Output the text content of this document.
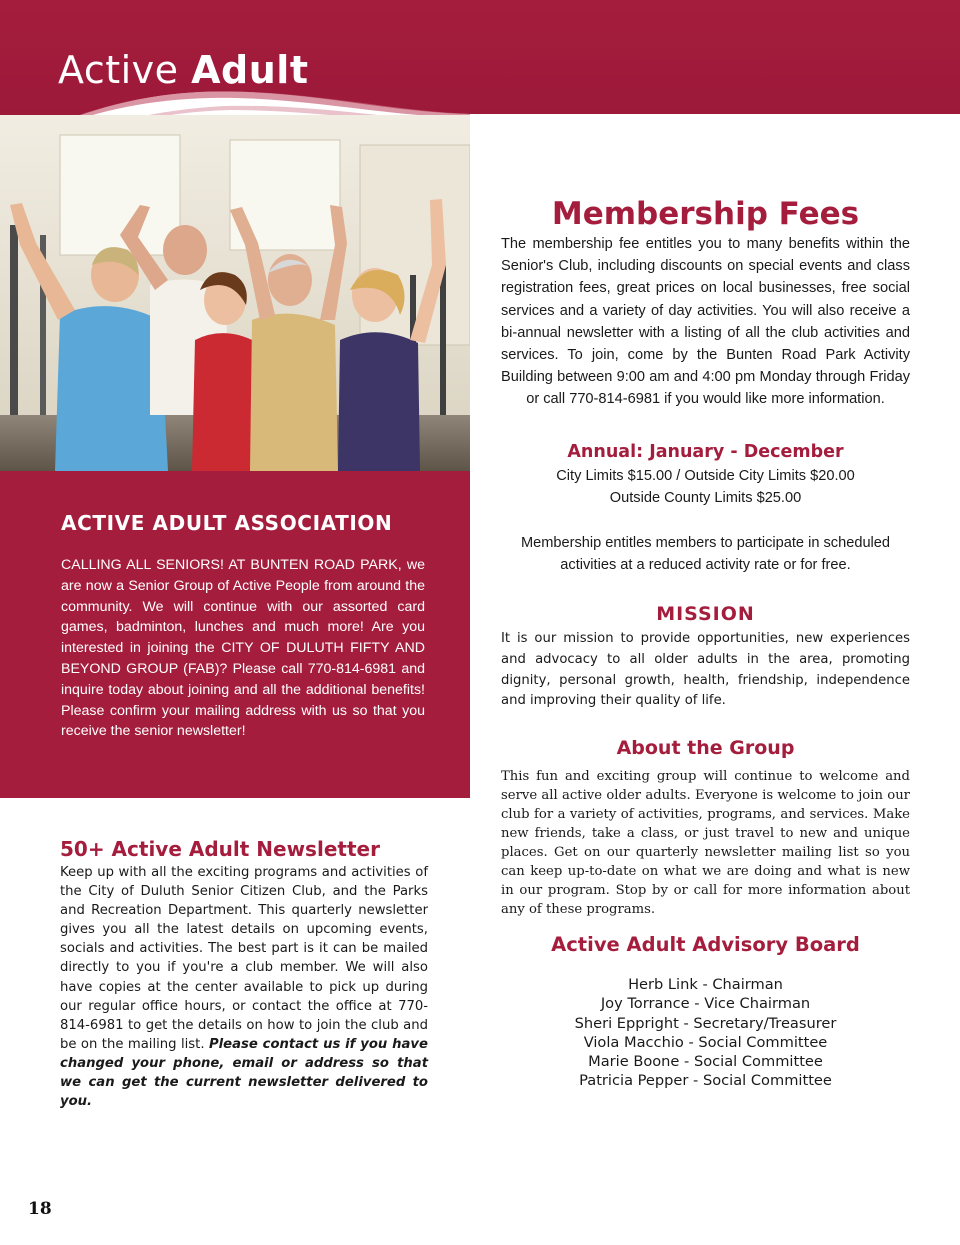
Active Adult
ACTIVE ADULT ASSOCIATION

CALLING ALL SENIORS! AT BUNTEN ROAD PARK, we are now a Senior Group of Active People from around the community. We will continue with our assorted card games, badminton, lunches and much more! Are you interested in joining the CITY OF DULUTH FIFTY AND BEYOND GROUP (FAB)? Please call 770-814-6981 and inquire today about joining and all the additional benefits! Please confirm your mailing address with us so that you receive the senior newsletter!

50+ Active Adult Newsletter

Keep up with all the exciting programs and activities of the City of Duluth Senior Citizen Club, and the Parks and Recreation Department. This quarterly newsletter gives you all the latest details on upcoming events, socials and activities. The best part is it can be mailed directly to you if you're a club member. We will also have copies at the center available to pick up during our regular office hours, or contact the office at 770-814-6981 to get the details on how to join the club and be on the mailing list. Please contact us if you have changed your phone, email or address so that we can get the current newsletter delivered to you.

Membership Fees

The membership fee entitles you to many benefits within the Senior's Club, including discounts on special events and class registration fees, great prices on local businesses, free social services and a variety of day activities. You will also receive a bi-annual newsletter with a listing of all the club activities and services. To join, come by the Bunten Road Park Activity Building between 9:00 am and 4:00 pm Monday through Friday or call 770-814-6981 if you would like more information.

Annual: January - December

City Limits $15.00 / Outside City Limits $20.00

Outside County Limits $25.00

Membership entitles members to participate in scheduled activities at a reduced activity rate or for free.

MISSION

It is our mission to provide opportunities, new experiences and advocacy to all older adults in the area, promoting dignity, personal growth, health, friendship, independence and improving their quality of life.

About the Group

This fun and exciting group will continue to welcome and serve all active older adults. Everyone is welcome to join our club for a variety of activities, programs, and services. Make new friends, take a class, or just travel to new and unique places. Get on our quarterly newsletter mailing list so you can keep up-to-date on what we are doing and what is new in our program. Stop by or call for more information about any of these programs.

Active Adult Advisory Board
Herb Link - Chairman
Joy Torrance - Vice Chairman
Sheri Eppright - Secretary/Treasurer
Viola Macchio - Social Committee
Marie Boone - Social Committee
Patricia Pepper - Social Committee

18
